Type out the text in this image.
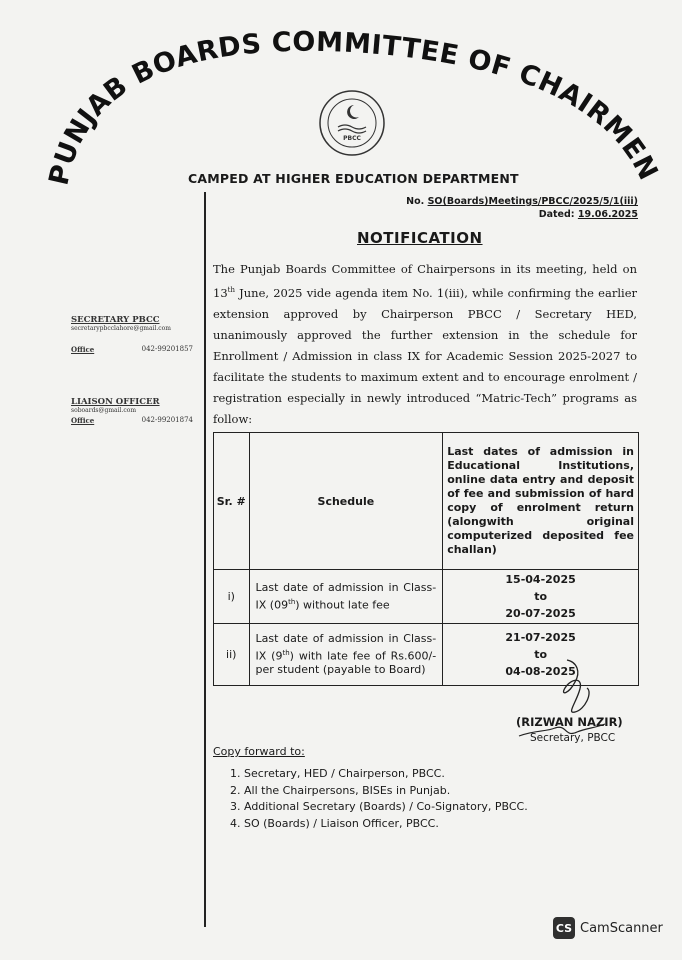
PUNJAB BOARDS COMMITTEE OF CHAIRMEN
PBCC
CAMPED AT HIGHER EDUCATION DEPARTMENT
No. SO(Boards)Meetings/PBCC/2025/5/1(iii)
Dated: 19.06.2025
SECRETARY PBCC
secretarypbcclahore@gmail.com
Office	042-99201857
LIAISON OFFICER
soboards@gmail.com
Office	042-99201874
NOTIFICATION
The Punjab Boards Committee of Chairpersons in its meeting, held on 13th June, 2025 vide agenda item No. 1(iii), while confirming the earlier extension approved by Chairperson PBCC / Secretary HED, unanimously approved the further extension in the schedule for Enrollment / Admission in class IX for Academic Session 2025-2027 to facilitate the students to maximum extent and to encourage enrolment / registration especially in newly introduced “Matric-Tech” programs as follow:
Sr. #	Schedule	Last dates of admission in Educational Institutions, online data entry and deposit of fee and submission of hard copy of enrolment return (alongwith original computerized deposited fee challan)
i)	Last date of admission in Class-IX (09th) without late fee	15-04-2025
to
20-07-2025

ii)	Last date of admission in Class-IX (9th) with late fee of Rs.600/- per student (payable to Board)	21-07-2025
to
04-08-2025
(RIZWAN NAZIR)
Secretary, PBCC
Copy forward to:
1. Secretary, HED / Chairperson, PBCC.
2. All the Chairpersons, BISEs in Punjab.
3. Additional Secretary (Boards) / Co-Signatory, PBCC.
4. SO (Boards) / Liaison Officer, PBCC.
CS CamScanner
